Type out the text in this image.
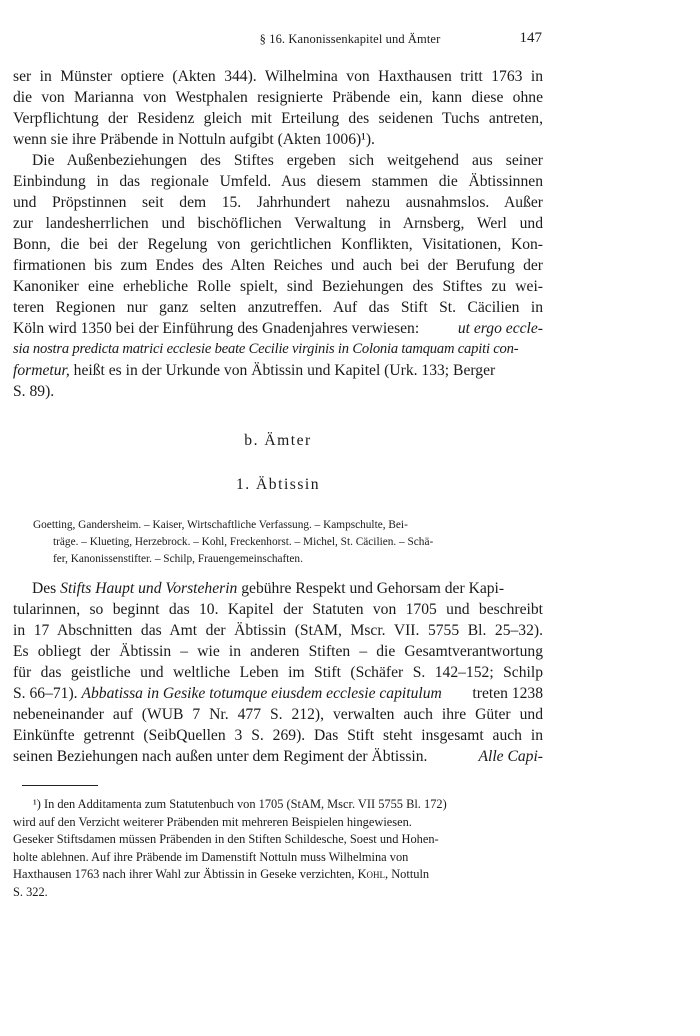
§ 16. Kanonissenkapitel und Ämter	147
ser in Münster optiere (Akten 344). Wilhelmina von Haxthausen tritt 1763 in
die von Marianna von Westphalen resignierte Präbende ein, kann diese ohne
Verpflichtung der Residenz gleich mit Erteilung des seidenen Tuchs antreten,
wenn sie ihre Präbende in Nottuln aufgibt (Akten 1006)¹).
Die Außenbeziehungen des Stiftes ergeben sich weitgehend aus seiner
Einbindung in das regionale Umfeld. Aus diesem stammen die Äbtissinnen
und Pröpstinnen seit dem 15. Jahrhundert nahezu ausnahmslos. Außer
zur landesherrlichen und bischöflichen Verwaltung in Arnsberg, Werl und
Bonn, die bei der Regelung von gerichtlichen Konflikten, Visitationen, Kon-
firmationen bis zum Endes des Alten Reiches und auch bei der Berufung der
Kanoniker eine erhebliche Rolle spielt, sind Beziehungen des Stiftes zu wei-
teren Regionen nur ganz selten anzutreffen. Auf das Stift St. Cäcilien in
Köln wird 1350 bei der Einführung des Gnadenjahres verwiesen: ut ergo eccle-
sia nostra predicta matrici ecclesie beate Cecilie virginis in Colonia tamquam capiti con-
formetur, heißt es in der Urkunde von Äbtissin und Kapitel (Urk. 133; Berger
S. 89).
b. Ämter
1. Äbtissin
Goetting, Gandersheim. – Kaiser, Wirtschaftliche Verfassung. – Kampschulte, Bei-
träge. – Klueting, Herzebrock. – Kohl, Freckenhorst. – Michel, St. Cäcilien. – Schä-
fer, Kanonissenstifter. – Schilp, Frauengemeinschaften.
Des Stifts Haupt und Vorsteherin gebühre Respekt und Gehorsam der Kapi-
tularinnen, so beginnt das 10. Kapitel der Statuten von 1705 und beschreibt
in 17 Abschnitten das Amt der Äbtissin (StAM, Mscr. VII. 5755 Bl. 25–32).
Es obliegt der Äbtissin – wie in anderen Stiften – die Gesamtverantwortung
für das geistliche und weltliche Leben im Stift (Schäfer S. 142–152; Schilp
S. 66–71). Abbatissa in Gesike totumque eiusdem ecclesie capitulum treten 1238
nebeneinander auf (WUB 7 Nr. 477 S. 212), verwalten auch ihre Güter und
Einkünfte getrennt (SeibQuellen 3 S. 269). Das Stift steht insgesamt auch in
seinen Beziehungen nach außen unter dem Regiment der Äbtissin.	Alle Capi-
¹) In den Additamenta zum Statutenbuch von 1705 (StAM, Mscr. VII 5755 Bl. 172)
wird auf den Verzicht weiterer Präbenden mit mehreren Beispielen hingewiesen.
Geseker Stiftsdamen müssen Präbenden in den Stiften Schildesche, Soest und Hohen-
holte ablehnen. Auf ihre Präbende im Damenstift Nottuln muss Wilhelmina von
Haxthausen 1763 nach ihrer Wahl zur Äbtissin in Geseke verzichten, Kohl, Nottuln
S. 322.
